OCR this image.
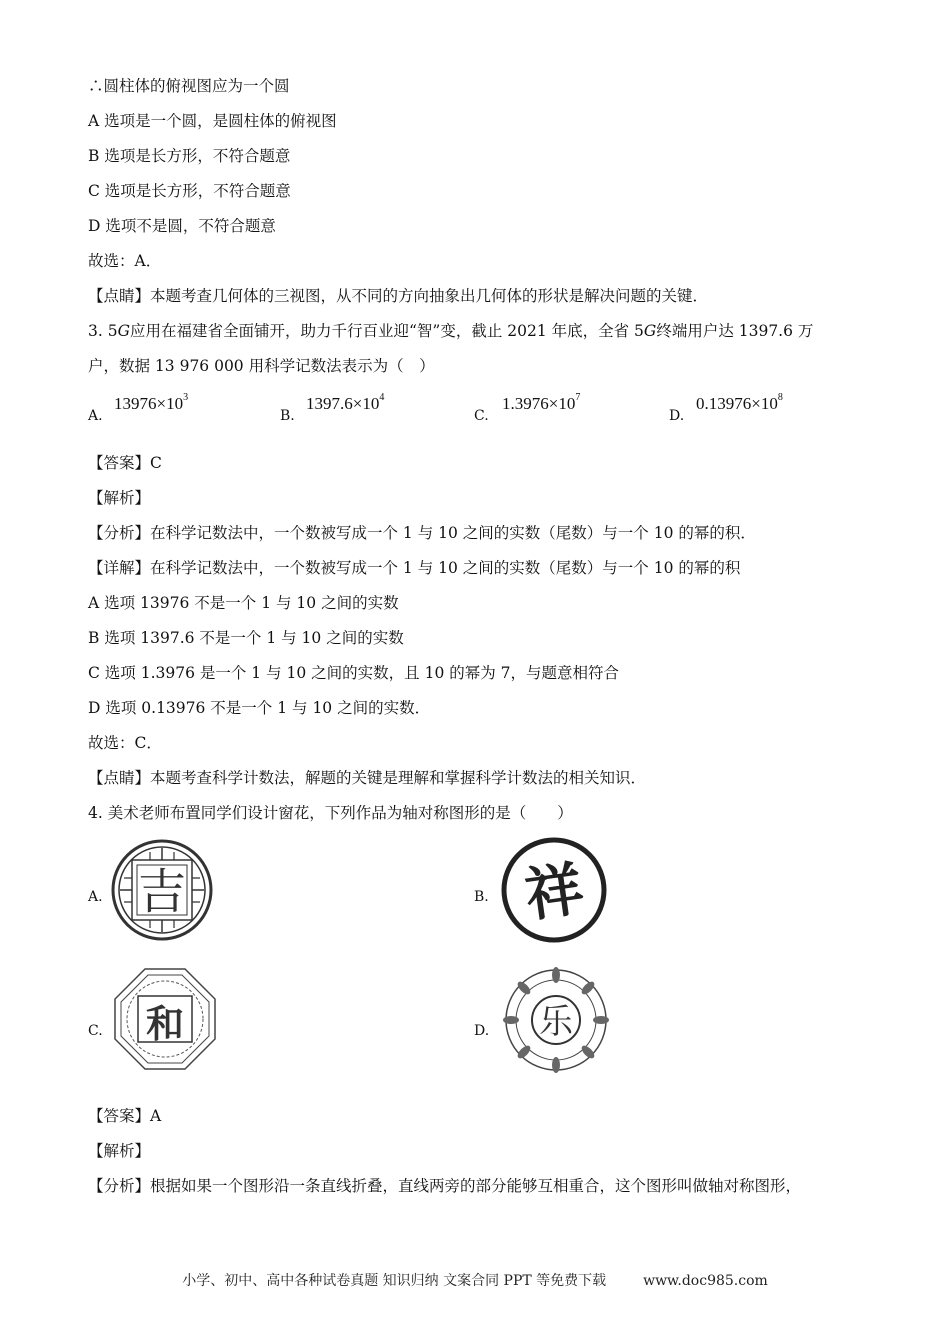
∴圆柱体的俯视图应为一个圆
A 选项是一个圆，是圆柱体的俯视图
B 选项是长方形，不符合题意
C 选项是长方形，不符合题意
D 选项不是圆，不符合题意
故选：A．
【点睛】本题考查几何体的三视图，从不同的方向抽象出几何体的形状是解决问题的关键．
3. 5G应用在福建省全面铺开，助力千行百业迎“智”变，截止 2021 年底，全省 5G终端用户达 1397.6 万
户，数据 13 976 000 用科学记数法表示为（　）
A.
$13976\times 10^3$
B.
$1397.6\times 10^4$
C.
$1.3976\times 10^7$
D.
$0.13976\times 10^8$
【答案】C
【解析】
【分析】在科学记数法中，一个数被写成一个 1 与 10 之间的实数（尾数）与一个 10 的幂的积．
【详解】在科学记数法中，一个数被写成一个 1 与 10 之间的实数（尾数）与一个 10 的幂的积
A 选项 13976 不是一个 1 与 10 之间的实数
B 选项 1397.6 不是一个 1 与 10 之间的实数
C 选项 1.3976 是一个 1 与 10 之间的实数，且 10 的幂为 7，与题意相符合
D 选项 0.13976 不是一个 1 与 10 之间的实数．
故选：C．
【点睛】本题考查科学计数法，解题的关键是理解和掌握科学计数法的相关知识．
4. 美术老师布置同学们设计窗花，下列作品为轴对称图形的是（　　）
A. 吉	B. 祥
C. 和	D. 乐
【答案】A
【解析】
【分析】根据如果一个图形沿一条直线折叠，直线两旁的部分能够互相重合，这个图形叫做轴对称图形，
小学、初中、高中各种试卷真题 知识归纳 文案合同 PPT 等免费下载	www.doc985.com
